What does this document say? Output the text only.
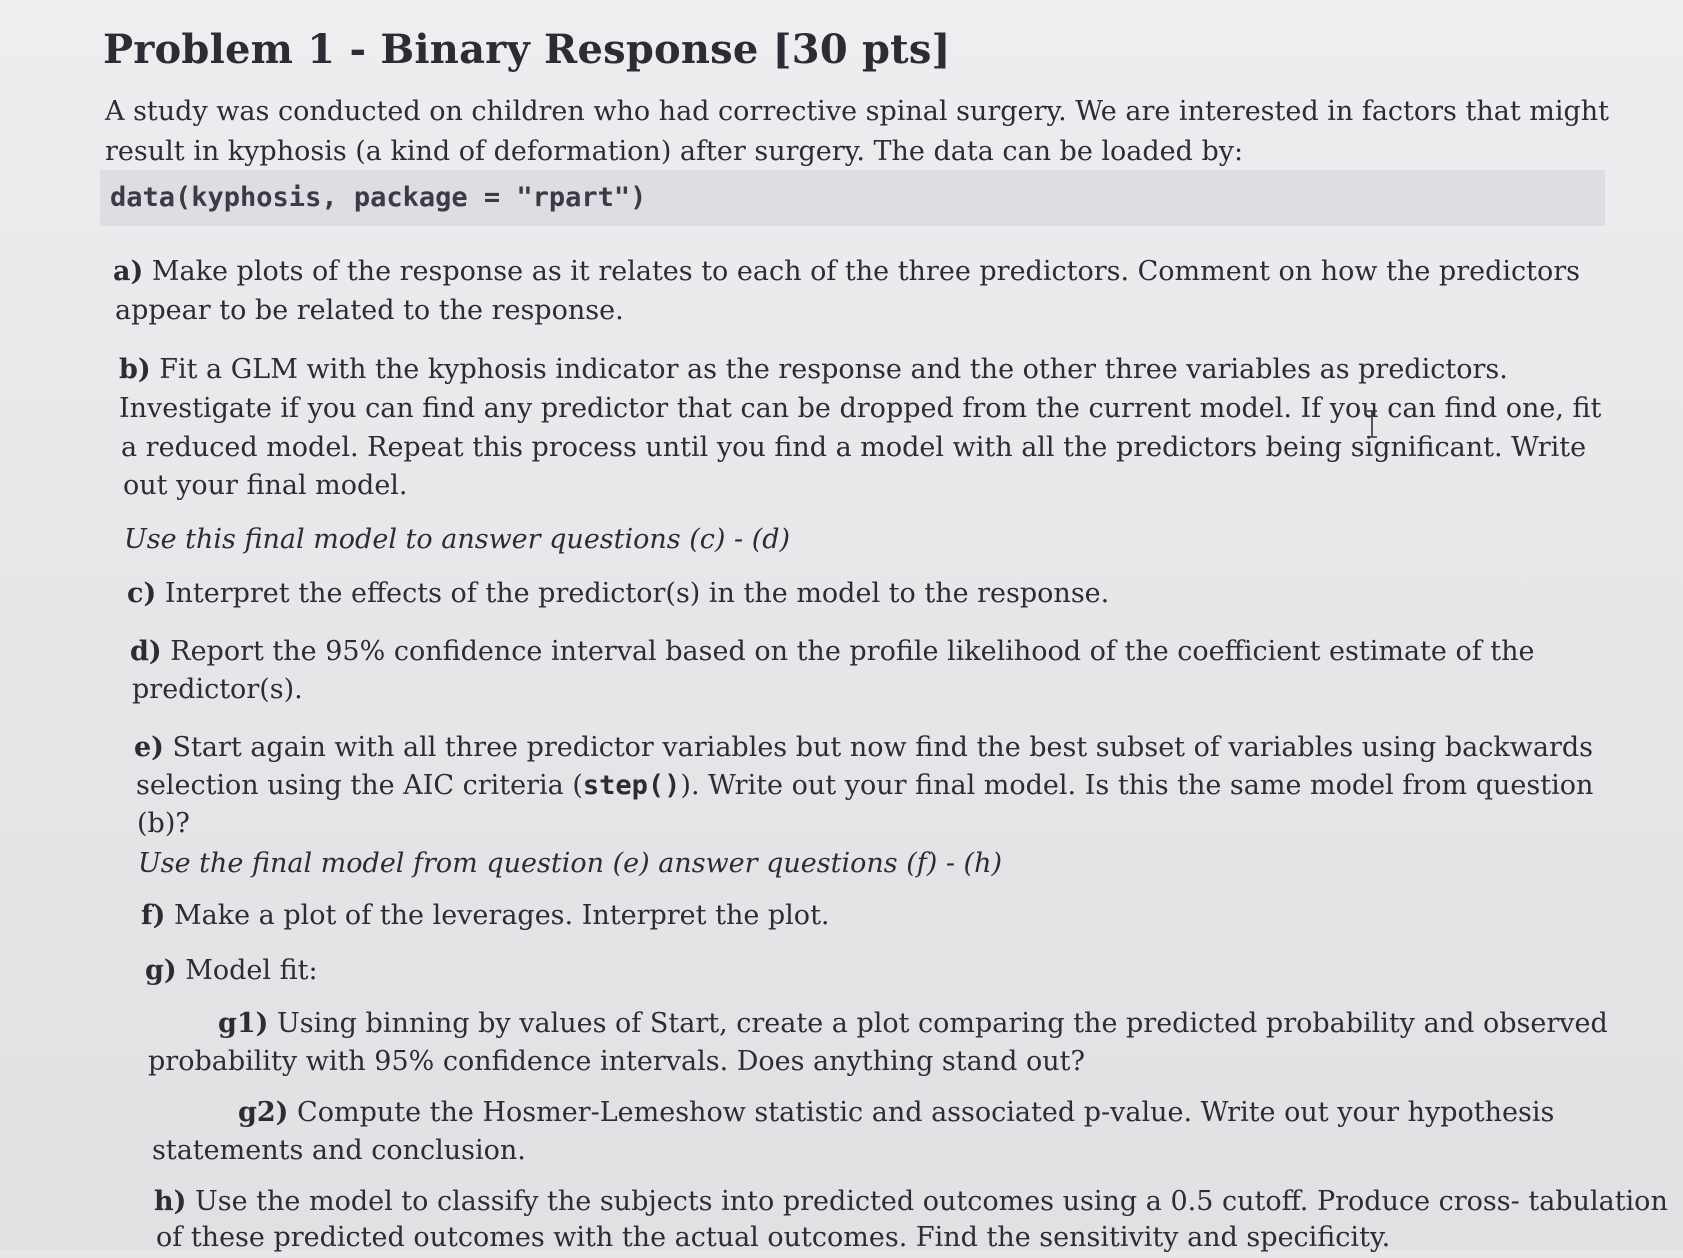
Problem 1 - Binary Response [30 pts]
A study was conducted on children who had corrective spinal surgery. We are interested in factors that might
result in kyphosis (a kind of deformation) after surgery. The data can be loaded by:
data(kyphosis, package = "rpart")
a) Make plots of the response as it relates to each of the three predictors. Comment on how the predictors
appear to be related to the response.
b) Fit a GLM with the kyphosis indicator as the response and the other three variables as predictors.
Investigate if you can find any predictor that can be dropped from the current model. If you can find one, fit
a reduced model. Repeat this process until you find a model with all the predictors being significant. Write
out your final model.
Use this final model to answer questions (c) - (d)
c) Interpret the effects of the predictor(s) in the model to the response.
d) Report the 95% confidence interval based on the profile likelihood of the coefficient estimate of the
predictor(s).
e) Start again with all three predictor variables but now find the best subset of variables using backwards
selection using the AIC criteria (step()). Write out your final model. Is this the same model from question
(b)?
Use the final model from question (e) answer questions (f) - (h)
f) Make a plot of the leverages. Interpret the plot.
g) Model fit:
g1) Using binning by values of Start, create a plot comparing the predicted probability and observed
probability with 95% confidence intervals. Does anything stand out?
g2) Compute the Hosmer-Lemeshow statistic and associated p-value. Write out your hypothesis
statements and conclusion.
h) Use the model to classify the subjects into predicted outcomes using a 0.5 cutoff. Produce cross- tabulation
of these predicted outcomes with the actual outcomes. Find the sensitivity and specificity.
